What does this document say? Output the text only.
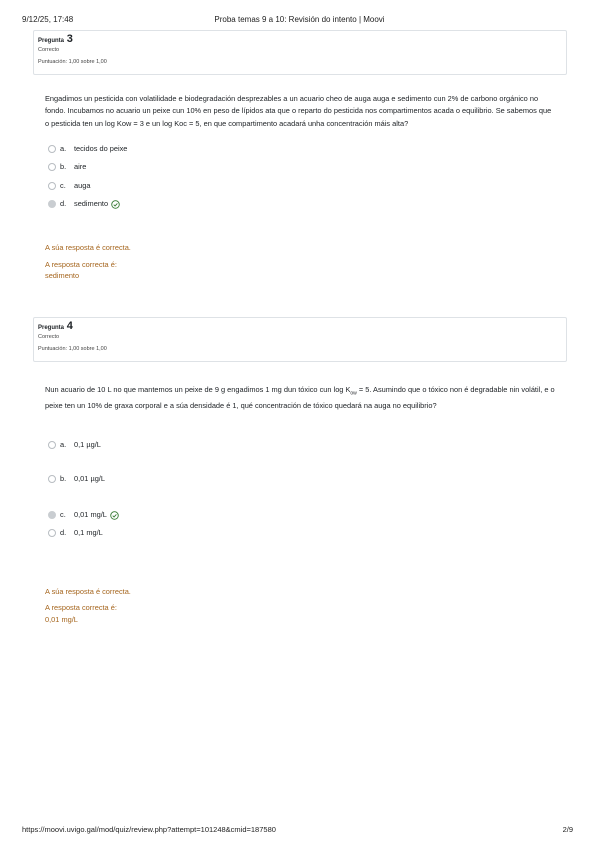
9/12/25, 17:48	Proba temas 9 a 10: Revisión do intento | Moovi
Pregunta 3
Correcto
Puntuación: 1,00 sobre 1,00
Engadimos un pesticida con volatilidade e biodegradación desprezables a un acuario cheo de auga auga e sedimento cun 2% de carbono orgánico no fondo. Incubamos no acuario un peixe cun 10% en peso de lípidos ata que o reparto do pesticida nos compartimentos acada o equilibrio. Se sabemos que o pesticida ten un log Kow = 3 e un log Koc = 5, en que compartimento acadará unha concentración máis alta?
a. tecidos do peixe
b. aire
c. auga
d. sedimento
A súa resposta é correcta.
A resposta correcta é:
sedimento
Pregunta 4
Correcto
Puntuación: 1,00 sobre 1,00
Nun acuario de 10 L no que mantemos un peixe de 9 g engadimos 1 mg dun tóxico cun $\log K_{ow} = 5$. Asumindo que o tóxico non é degradable nin volátil, e o peixe ten un 10% de graxa corporal e a súa densidade é 1, qué concentración de tóxico quedará na auga no equilibrio?
a. 0,1 µg/L
b. 0,01 µg/L
c. 0,01 mg/L
d. 0,1 mg/L
A súa resposta é correcta.
A resposta correcta é:
0,01 mg/L
https://moovi.uvigo.gal/mod/quiz/review.php?attempt=101248&cmid=187580	2/9
